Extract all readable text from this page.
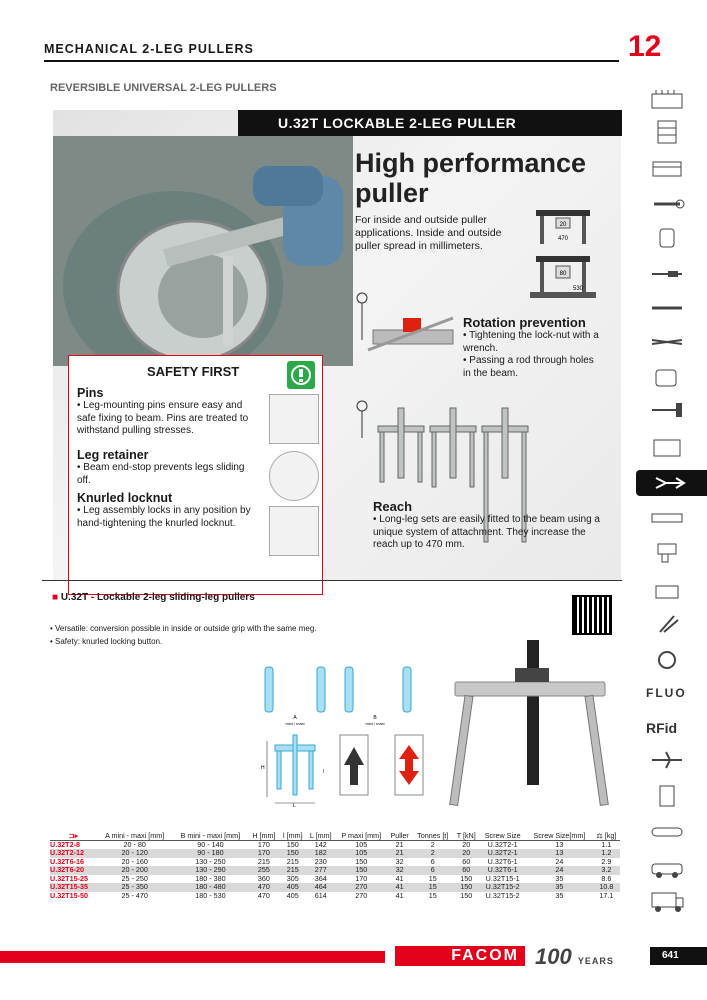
MECHANICAL 2-LEG PULLERS	12
REVERSIBLE UNIVERSAL 2-LEG PULLERS
U.32T LOCKABLE 2-LEG PULLER
High performance
puller
For inside and outside puller applications. Inside and outside puller spread in millimeters.
20
470
80
530
Rotation prevention
• Tightening the lock-nut with a wrench.
• Passing a rod through holes in the beam.
Reach
• Long-leg sets are easily fitted to the beam using a unique system of attachment. They increase the reach up to 470 mm.
SAFETY FIRST
Pins
• Leg-mounting pins ensure easy and safe fixing to beam. Pins are treated to withstand pulling stresses.
Leg retainer
• Beam end-stop prevents legs sliding off.
Knurled locknut
• Leg assembly locks in any position by hand-tightening the knurled locknut.
■ U.32T - Lockable 2-leg sliding-leg pullers
• Versatile: conversion possible in inside or outside grip with the same meg.
• Safety: knurled locking button.
A
mini / maxi
B
mini / maxi
H
l
L
⊐▸	A mini - maxi [mm]	B mini - maxi [mm]	H [mm]	l [mm]	L [mm]	P maxi [mm]	Puller	Tonnes [t]	T [kN]	Screw Size	Screw Size[mm]	⚖ [kg]
U.32T2-8	20 - 80	90 - 140	170	150	142	105	21	2	20	U.32T2-1	13	1.1
U.32T2-12	20 - 120	90 - 180	170	150	182	105	21	2	20	U.32T2-1	13	1.2
U.32T6-16	20 - 160	130 - 250	215	215	230	150	32	6	60	U.32T6-1	24	2.9
U.32T6-20	20 - 200	130 - 290	255	215	277	150	32	6	60	U.32T6-1	24	3.2
U.32T15-25	25 - 250	180 - 380	360	305	364	170	41	15	150	U.32T15-1	35	8.6
U.32T15-35	25 - 350	180 - 480	470	405	464	270	41	15	150	U.32T15-2	35	10.8
U.32T15-50	25 - 470	180 - 530	470	405	614	270	41	15	150	U.32T15-2	35	17.1
FLUO
RFid
FACOM 100 YEARS	641
